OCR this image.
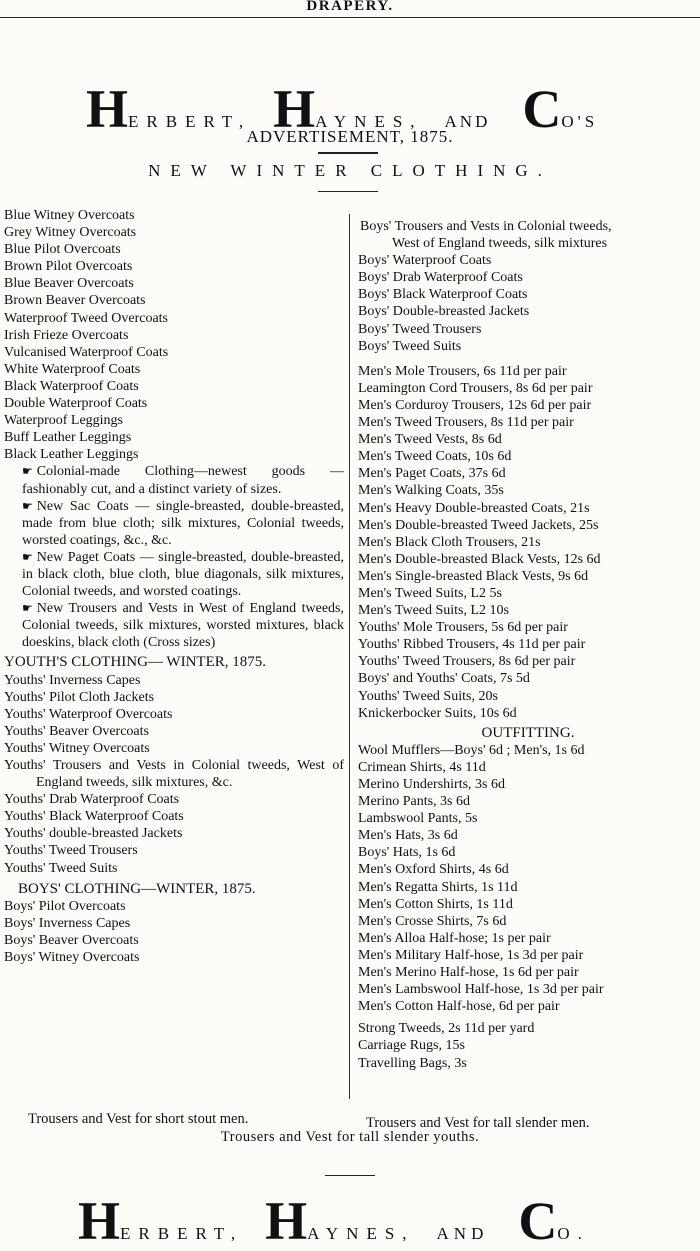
DRAPERY.
H ERBERT, H AYNES, AND C O'S
ADVERTISEMENT, 1875.
NEW WINTER CLOTHING.
Blue Witney Overcoats
Grey Witney Overcoats
Blue Pilot Overcoats
Brown Pilot Overcoats
Blue Beaver Overcoats
Brown Beaver Overcoats
Waterproof Tweed Overcoats
Irish Frieze Overcoats
Vulcanised Waterproof Coats
White Waterproof Coats
Black Waterproof Coats
Double Waterproof Coats
Waterproof Leggings
Buff Leather Leggings
Black Leather Leggings

☛ Colonial-made Clothing—newest goods —fashionably cut, and a distinct variety of sizes.

☛ New Sac Coats — single-breasted, double-breasted, made from blue cloth; silk mixtures, Colonial tweeds, worsted coatings, &c., &c.

☛ New Paget Coats — single-breasted, double-breasted, in black cloth, blue cloth, blue diagonals, silk mixtures, Colonial tweeds, and worsted coatings.

☛ New Trousers and Vests in West of England tweeds, Colonial tweeds, silk mixtures, worsted mixtures, black doeskins, black cloth (Cross sizes)

YOUTH'S CLOTHING— WINTER, 1875.
Youths' Inverness Capes
Youths' Pilot Cloth Jackets
Youths' Waterproof Overcoats
Youths' Beaver Overcoats
Youths' Witney Overcoats

Youths' Trousers and Vests in Colonial tweeds, West of England tweeds, silk mixtures, &c.

Youths' Drab Waterproof Coats
Youths' Black Waterproof Coats
Youths' double-breasted Jackets
Youths' Tweed Trousers
Youths' Tweed Suits
BOYS' CLOTHING—WINTER, 1875.
Boys' Pilot Overcoats
Boys' Inverness Capes
Boys' Beaver Overcoats
Boys' Witney Overcoats
Boys' Trousers and Vests in Colonial tweeds,
West of England tweeds, silk mixtures
Boys' Waterproof Coats
Boys' Drab Waterproof Coats
Boys' Black Waterproof Coats
Boys' Double-breasted Jackets
Boys' Tweed Trousers
Boys' Tweed Suits
Men's Mole Trousers, 6s 11d per pair
Leamington Cord Trousers, 8s 6d per pair
Men's Corduroy Trousers, 12s 6d per pair
Men's Tweed Trousers, 8s 11d per pair
Men's Tweed Vests, 8s 6d
Men's Tweed Coats, 10s 6d
Men's Paget Coats, 37s 6d
Men's Walking Coats, 35s
Men's Heavy Double-breasted Coats, 21s
Men's Double-breasted Tweed Jackets, 25s
Men's Black Cloth Trousers, 21s
Men's Double-breasted Black Vests, 12s 6d
Men's Single-breasted Black Vests, 9s 6d
Men's Tweed Suits, L2 5s
Men's Tweed Suits, L2 10s
Youths' Mole Trousers, 5s 6d per pair
Youths' Ribbed Trousers, 4s 11d per pair
Youths' Tweed Trousers, 8s 6d per pair
Boys' and Youths' Coats, 7s 5d
Youths' Tweed Suits, 20s
Knickerbocker Suits, 10s 6d
OUTFITTING.
Wool Mufflers—Boys' 6d ; Men's, 1s 6d
Crimean Shirts, 4s 11d
Merino Undershirts, 3s 6d
Merino Pants, 3s 6d
Lambswool Pants, 5s
Men's Hats, 3s 6d
Boys' Hats, 1s 6d
Men's Oxford Shirts, 4s 6d
Men's Regatta Shirts, 1s 11d
Men's Cotton Shirts, 1s 11d
Men's Crosse Shirts, 7s 6d
Men's Alloa Half-hose; 1s per pair
Men's Military Half-hose, 1s 3d per pair
Men's Merino Half-hose, 1s 6d per pair
Men's Lambswool Half-hose, 1s 3d per pair
Men's Cotton Half-hose, 6d per pair
Strong Tweeds, 2s 11d per yard
Carriage Rugs, 15s
Travelling Bags, 3s
Trousers and Vest for short stout men.	Trousers and Vest for tall slender men.
Trousers and Vest for tall slender youths.
H ERBERT, H AYNES, AND C O.
